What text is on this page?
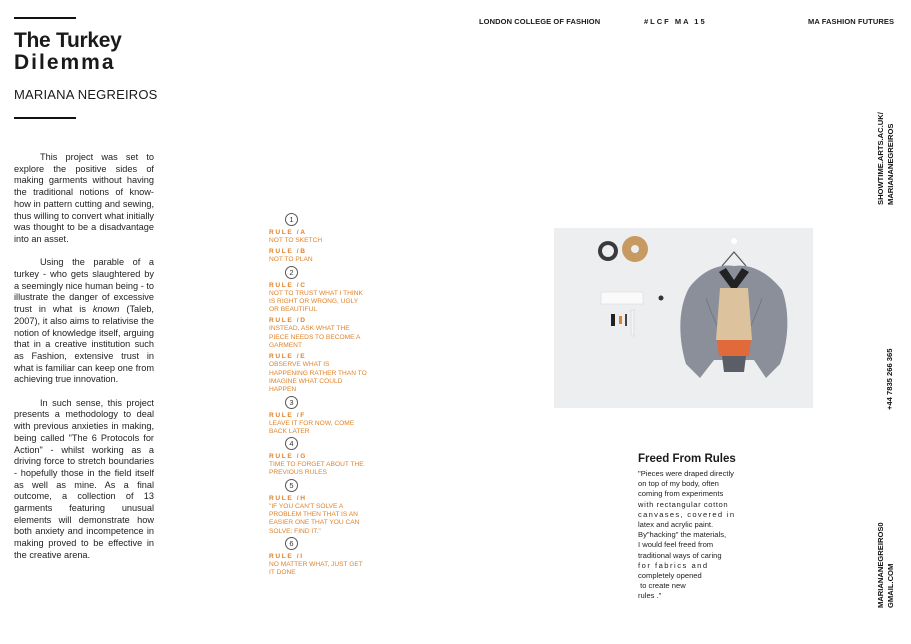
LONDON COLLEGE OF FASHION	#LCF MA 15	MA FASHION FUTURES
The Turkey
Dilemma
MARIANA NEGREIROS

This project was set to explore the positive sides of making garments without having the traditional notions of know-how in pattern cutting and sewing, thus willing to convert what initially was thought to be a disadvantage into an asset.

Using the parable of a turkey - who gets slaughtered by a seemingly nice human being - to illustrate the danger of excessive trust in what is known (Taleb, 2007), it also aims to relativise the notion of knowledge itself, arguing that in a creative institution such as Fashion, extensive trust in what is familiar can keep one from achieving true innovation.

In such sense, this project presents a methodology to deal with previous anxieties in making, being called "The 6 Protocols for Action" - whilst working as a driving force to stretch boundaries - hopefully those in the field itself as well as mine. As a final outcome, a collection of 13 garments featuring unusual elements will demonstrate how both anxiety and incompetence in making proved to be effective in the creative arena.

1
RULE /A
NOT TO SKETCH
RULE /B
NOT TO PLAN
2
RULE /C
NOT TO TRUST WHAT I THINK IS RIGHT OR WRONG, UGLY OR BEAUTIFUL
RULE /D
INSTEAD, ASK WHAT THE PIECE NEEDS TO BECOME A GARMENT
RULE /E
OBSERVE WHAT IS HAPPENING RATHER THAN TO IMAGINE WHAT COULD HAPPEN
3
RULE /F
LEAVE IT FOR NOW, COME BACK LATER
4
RULE /G
TIME TO FORGET ABOUT THE PREVIOUS RULES
5
RULE /H
"IF YOU CAN'T SOLVE A PROBLEM THEN THAT IS AN EASIER ONE THAT YOU CAN SOLVE: FIND IT."
6
RULE /I
NO MATTER WHAT, JUST GET IT DONE
Freed From Rules
"Pieces were draped directly
on top of my body, often
coming from experiments
with rectangular cotton
canvases, covered in
latex and acrylic paint.
By"hacking" the materials,
I would feel freed from
traditional ways of caring
for fabrics and
completely opened
to create new
rules ."
SHOWTIME.ARTS.AC.UK/ MARIANANEGREIROS
+44 7835 266 365
MARIANANEGREIROS0 GMAIL.COM
